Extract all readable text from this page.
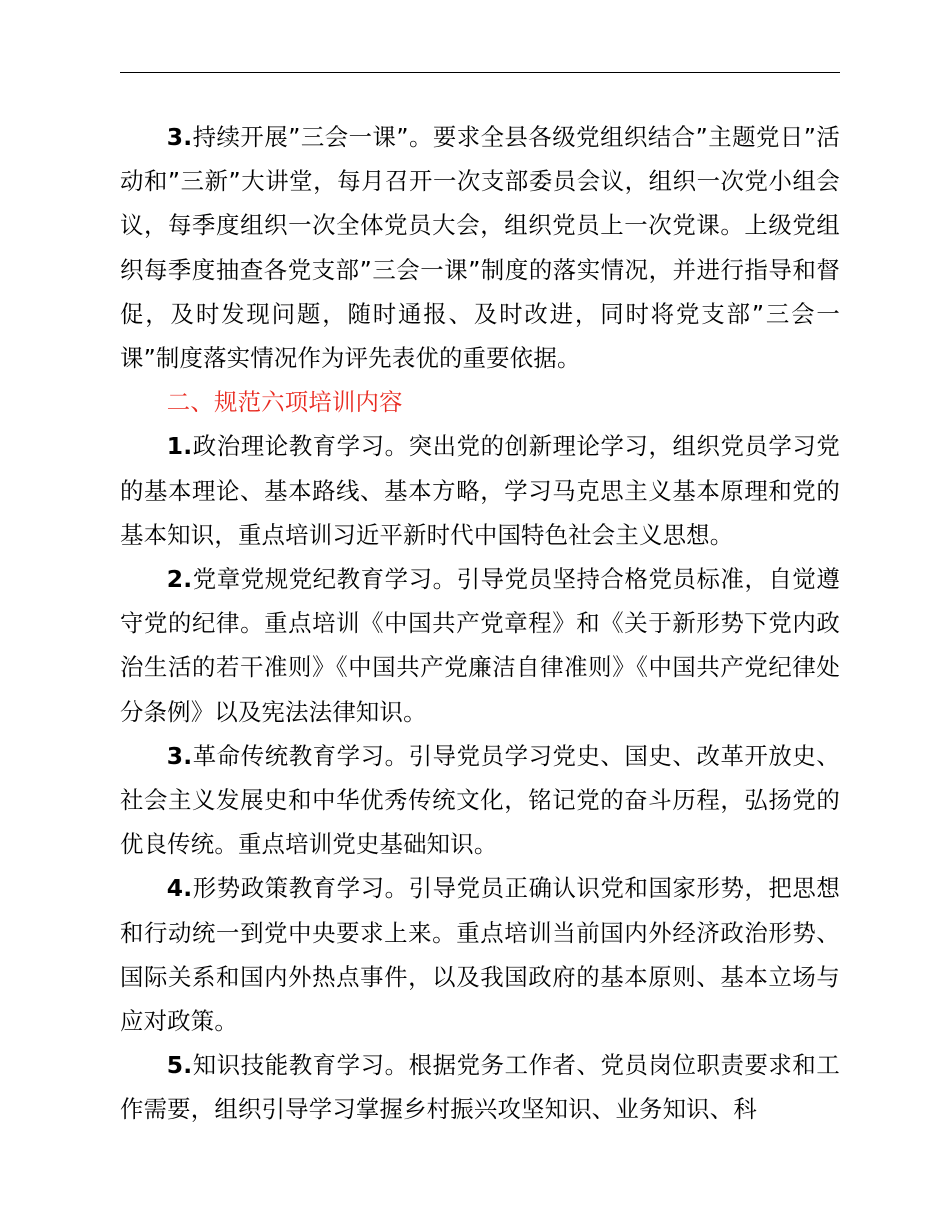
3.持续开展”三会一课”。要求全县各级党组织结合”主题党日”活动和”三新”大讲堂，每月召开一次支部委员会议，组织一次党小组会议，每季度组织一次全体党员大会，组织党员上一次党课。上级党组织每季度抽查各党支部”三会一课”制度的落实情况，并进行指导和督促，及时发现问题，随时通报、及时改进，同时将党支部”三会一课”制度落实情况作为评先表优的重要依据。

二、规范六项培训内容

1.政治理论教育学习。突出党的创新理论学习，组织党员学习党的基本理论、基本路线、基本方略，学习马克思主义基本原理和党的基本知识，重点培训习近平新时代中国特色社会主义思想。

2.党章党规党纪教育学习。引导党员坚持合格党员标准，自觉遵守党的纪律。重点培训《中国共产党章程》和《关于新形势下党内政治生活的若干准则》《中国共产党廉洁自律准则》《中国共产党纪律处分条例》以及宪法法律知识。

3.革命传统教育学习。引导党员学习党史、国史、改革开放史、社会主义发展史和中华优秀传统文化，铭记党的奋斗历程，弘扬党的优良传统。重点培训党史基础知识。

4.形势政策教育学习。引导党员正确认识党和国家形势，把思想和行动统一到党中央要求上来。重点培训当前国内外经济政治形势、国际关系和国内外热点事件，以及我国政府的基本原则、基本立场与应对政策。

5.知识技能教育学习。根据党务工作者、党员岗位职责要求和工作需要，组织引导学习掌握乡村振兴攻坚知识、业务知识、科
